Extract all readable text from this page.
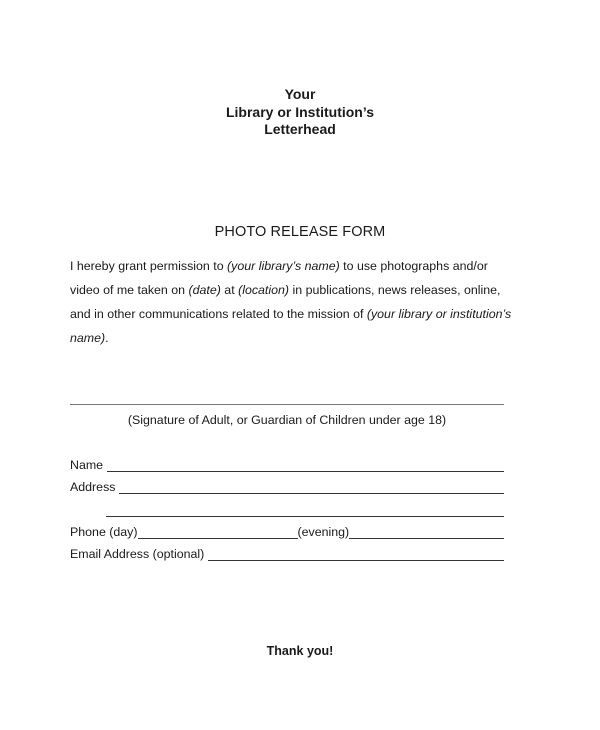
Your
Library or Institution’s
Letterhead
PHOTO RELEASE FORM
I hereby grant permission to (your library’s name) to use photographs and/or video of me taken on (date) at (location) in publications, news releases, online, and in other communications related to the mission of (your library or institution’s name).
(Signature of Adult, or Guardian of Children under age 18)
Name
Address
Phone (day)	(evening)
Email Address (optional)
Thank you!
